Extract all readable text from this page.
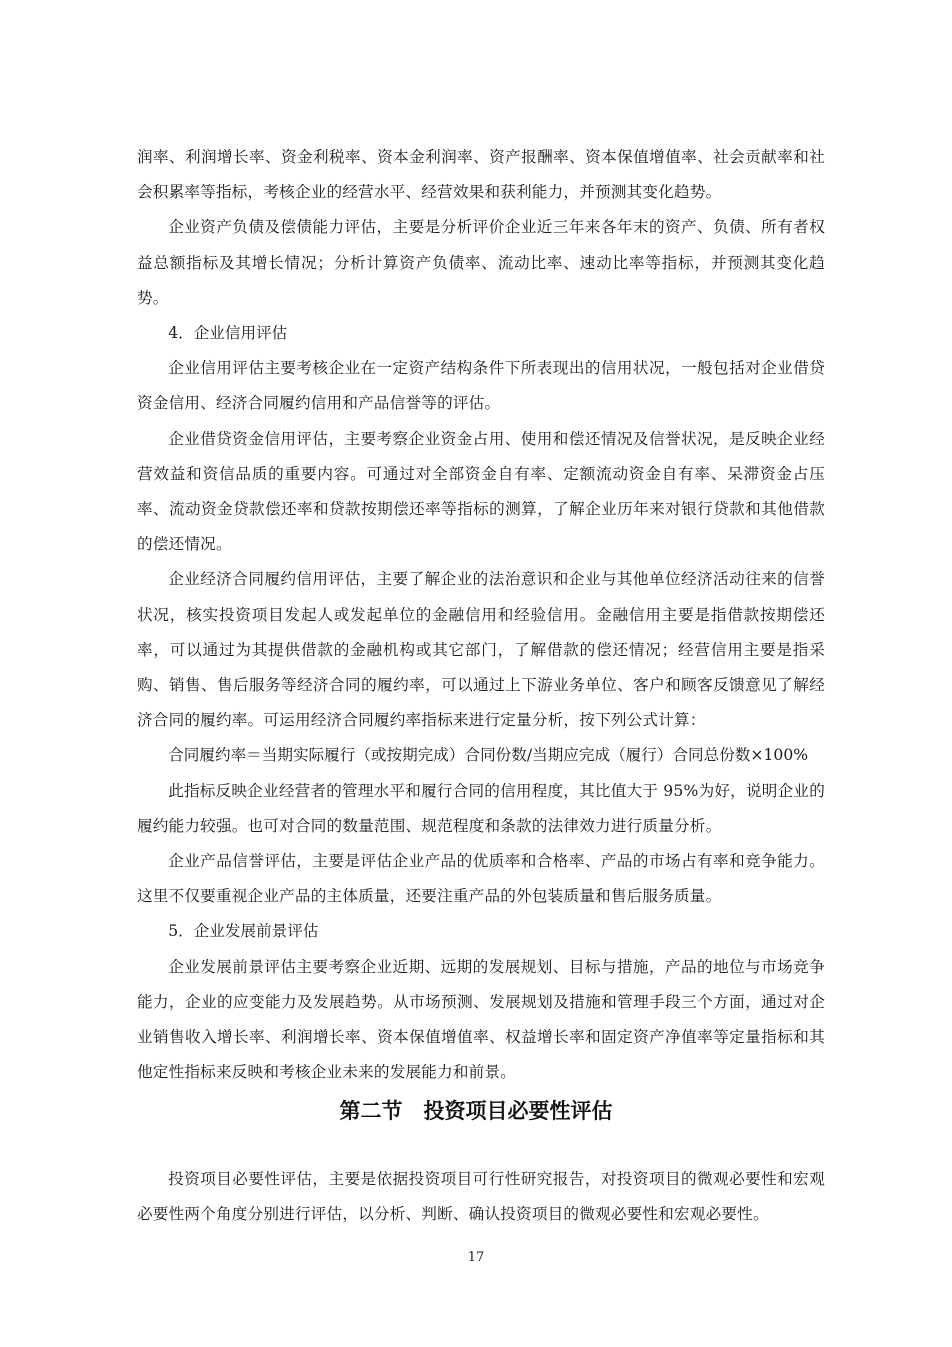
润率、利润增长率、资金利税率、资本金利润率、资产报酬率、资本保值增值率、社会贡献率和社会积累率等指标，考核企业的经营水平、经营效果和获利能力，并预测其变化趋势。

企业资产负债及偿债能力评估，主要是分析评价企业近三年来各年末的资产、负债、所有者权益总额指标及其增长情况；分析计算资产负债率、流动比率、速动比率等指标，并预测其变化趋势。

4．企业信用评估

企业信用评估主要考核企业在一定资产结构条件下所表现出的信用状况，一般包括对企业借贷资金信用、经济合同履约信用和产品信誉等的评估。

企业借贷资金信用评估，主要考察企业资金占用、使用和偿还情况及信誉状况，是反映企业经营效益和资信品质的重要内容。可通过对全部资金自有率、定额流动资金自有率、呆滞资金占压率、流动资金贷款偿还率和贷款按期偿还率等指标的测算，了解企业历年来对银行贷款和其他借款的偿还情况。

企业经济合同履约信用评估，主要了解企业的法治意识和企业与其他单位经济活动往来的信誉状况，核实投资项目发起人或发起单位的金融信用和经验信用。金融信用主要是指借款按期偿还率，可以通过为其提供借款的金融机构或其它部门，了解借款的偿还情况；经营信用主要是指采购、销售、售后服务等经济合同的履约率，可以通过上下游业务单位、客户和顾客反馈意见了解经济合同的履约率。可运用经济合同履约率指标来进行定量分析，按下列公式计算：

合同履约率＝当期实际履行（或按期完成）合同份数/当期应完成（履行）合同总份数×100%

此指标反映企业经营者的管理水平和履行合同的信用程度，其比值大于 95%为好，说明企业的履约能力较强。也可对合同的数量范围、规范程度和条款的法律效力进行质量分析。

企业产品信誉评估，主要是评估企业产品的优质率和合格率、产品的市场占有率和竞争能力。这里不仅要重视企业产品的主体质量，还要注重产品的外包装质量和售后服务质量。

5．企业发展前景评估

企业发展前景评估主要考察企业近期、远期的发展规划、目标与措施，产品的地位与市场竞争能力，企业的应变能力及发展趋势。从市场预测、发展规划及措施和管理手段三个方面，通过对企业销售收入增长率、利润增长率、资本保值增值率、权益增长率和固定资产净值率等定量指标和其他定性指标来反映和考核企业未来的发展能力和前景。

第二节　投资项目必要性评估

投资项目必要性评估，主要是依据投资项目可行性研究报告，对投资项目的微观必要性和宏观必要性两个角度分别进行评估，以分析、判断、确认投资项目的微观必要性和宏观必要性。

17
